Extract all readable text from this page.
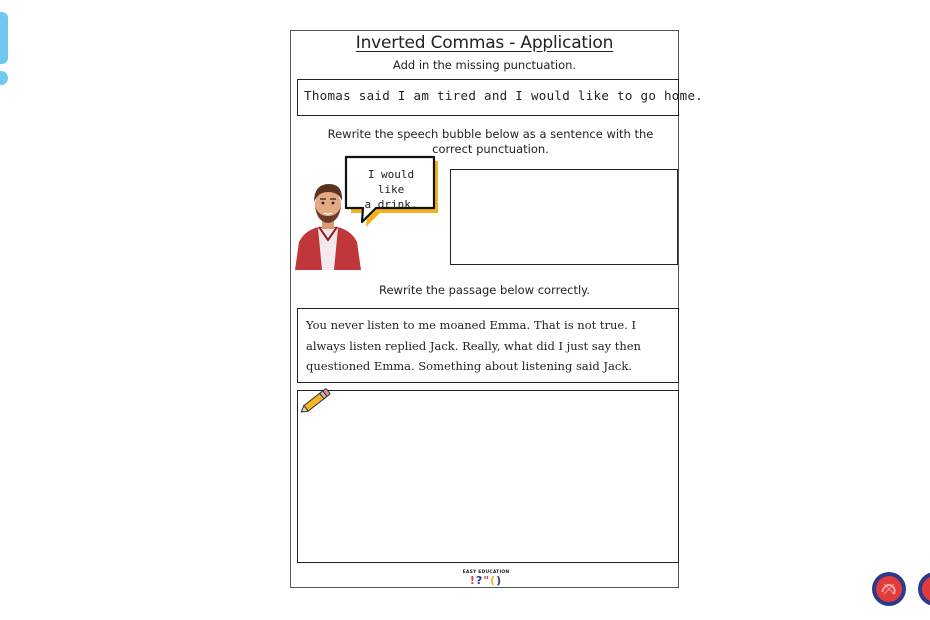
Inverted Commas - Application
Add in the missing punctuation.
Thomas said I am tired and I would like to go home.
Rewrite the speech bubble below as a sentence with the correct punctuation.
Rewrite the passage below correctly.
You never listen to me moaned Emma. That is not true. I always listen replied Jack. Really, what did I just say then questioned Emma. Something about listening said Jack.
I would like
a drink.
EASY EDUCATION
!?"()
